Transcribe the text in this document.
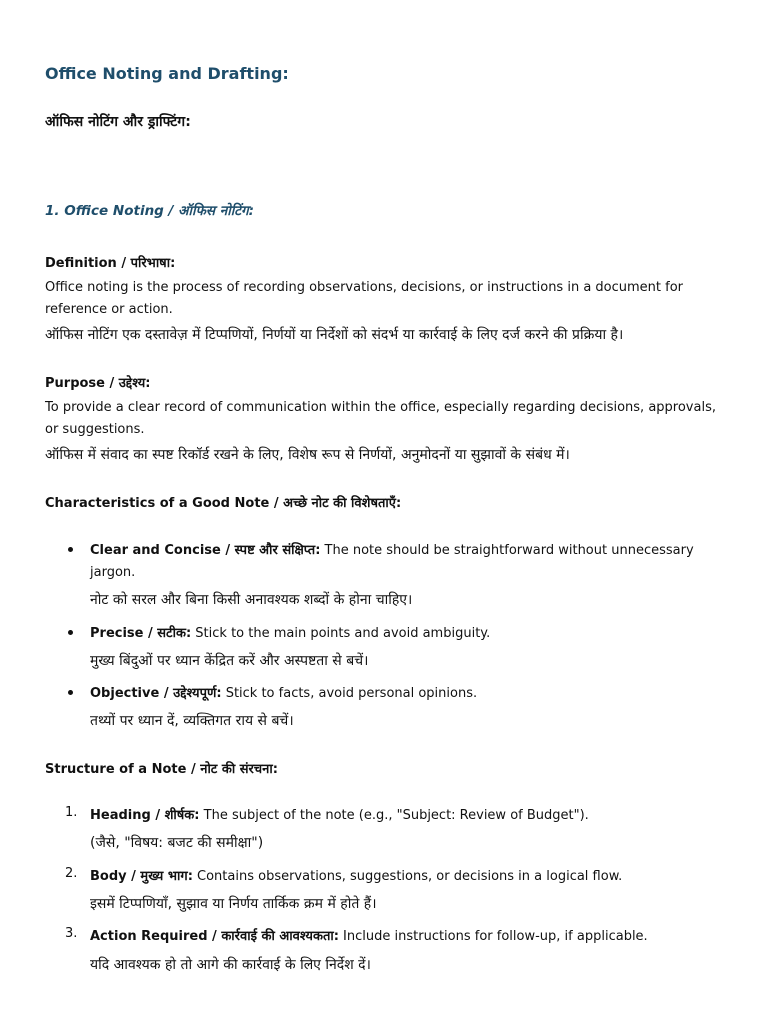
Office Noting and Drafting:
ऑफिस नोटिंग और ड्राफ्टिंग:
1. Office Noting / ऑफिस नोटिंग:
Definition / परिभाषा:
Office noting is the process of recording observations, decisions, or instructions in a document for reference or action.
ऑफिस नोटिंग एक दस्तावेज़ में टिप्पणियों, निर्णयों या निर्देशों को संदर्भ या कार्रवाई के लिए दर्ज करने की प्रक्रिया है।
Purpose / उद्देश्य:
To provide a clear record of communication within the office, especially regarding decisions, approvals, or suggestions.
ऑफिस में संवाद का स्पष्ट रिकॉर्ड रखने के लिए, विशेष रूप से निर्णयों, अनुमोदनों या सुझावों के संबंध में।
Characteristics of a Good Note / अच्छे नोट की विशेषताएँ:
Clear and Concise / स्पष्ट और संक्षिप्त: The note should be straightforward without unnecessary
jargon.
नोट को सरल और बिना किसी अनावश्यक शब्दों के होना चाहिए।
Precise / सटीक: Stick to the main points and avoid ambiguity.
मुख्य बिंदुओं पर ध्यान केंद्रित करें और अस्पष्टता से बचें।
Objective / उद्देश्यपूर्ण: Stick to facts, avoid personal opinions.
तथ्यों पर ध्यान दें, व्यक्तिगत राय से बचें।
Structure of a Note / नोट की संरचना:
1. Heading / शीर्षक: The subject of the note (e.g., "Subject: Review of Budget").
(जैसे, "विषय: बजट की समीक्षा")
2. Body / मुख्य भाग: Contains observations, suggestions, or decisions in a logical flow.
इसमें टिप्पणियाँ, सुझाव या निर्णय तार्किक क्रम में होते हैं।
3. Action Required / कार्रवाई की आवश्यकता: Include instructions for follow-up, if applicable.
यदि आवश्यक हो तो आगे की कार्रवाई के लिए निर्देश दें।
